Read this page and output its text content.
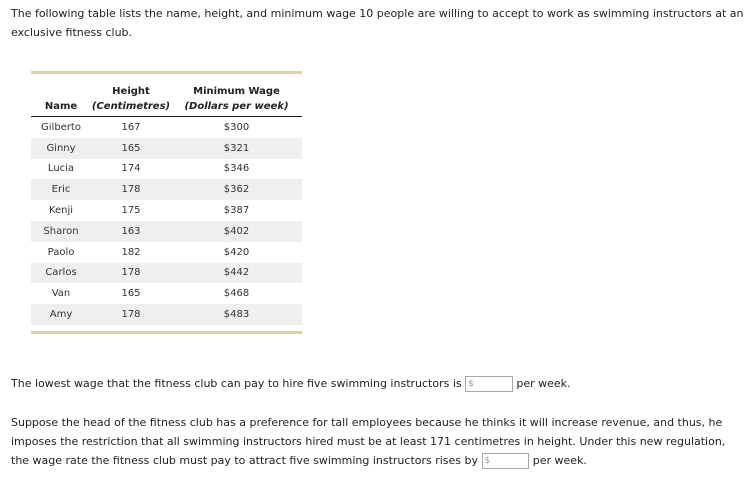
The following table lists the name, height, and minimum wage 10 people are willing to accept to work as swimming instructors at an exclusive fitness club.

	Height	Minimum Wage
Name	(Centimetres)	(Dollars per week)

Gilberto	167	$300
Ginny	165	$321
Lucia	174	$346
Eric	178	$362
Kenji	175	$387
Sharon	163	$402
Paolo	182	$420
Carlos	178	$442
Van	165	$468
Amy	178	$483

The lowest wage that the fitness club can pay to hire five swimming instructors is $	per week.

Suppose the head of the fitness club has a preference for tall employees because he thinks it will increase revenue, and thus, he imposes the restriction that all swimming instructors hired must be at least 171 centimetres in height. Under this new regulation, the wage rate the fitness club must pay to attract five swimming instructors rises by $	per week.
